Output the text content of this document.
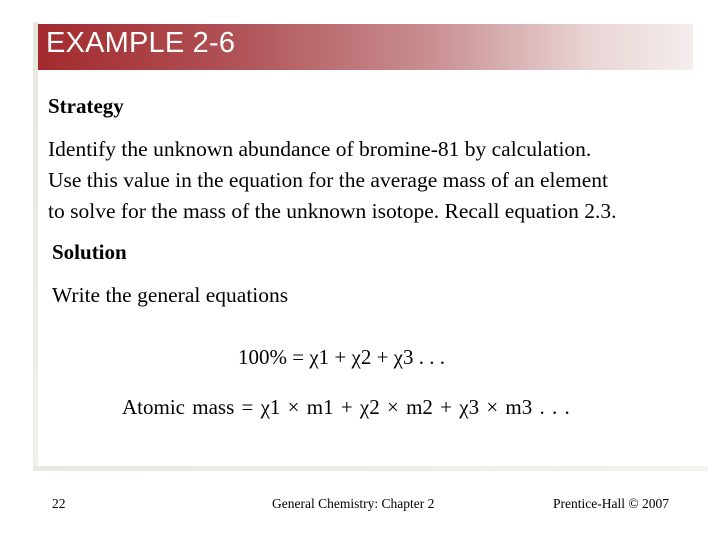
EXAMPLE 2-6
Strategy
Identify the unknown abundance of bromine-81 by calculation.
Use this value in the equation for the average mass of an element
to solve for the mass of the unknown isotope. Recall equation 2.3.
Solution
Write the general equations
100% = χ1 + χ2 + χ3 . . .
Atomic mass = χ1 × m1 + χ2 × m2 + χ3 × m3 . . .
22	General Chemistry: Chapter 2	Prentice-Hall © 2007
